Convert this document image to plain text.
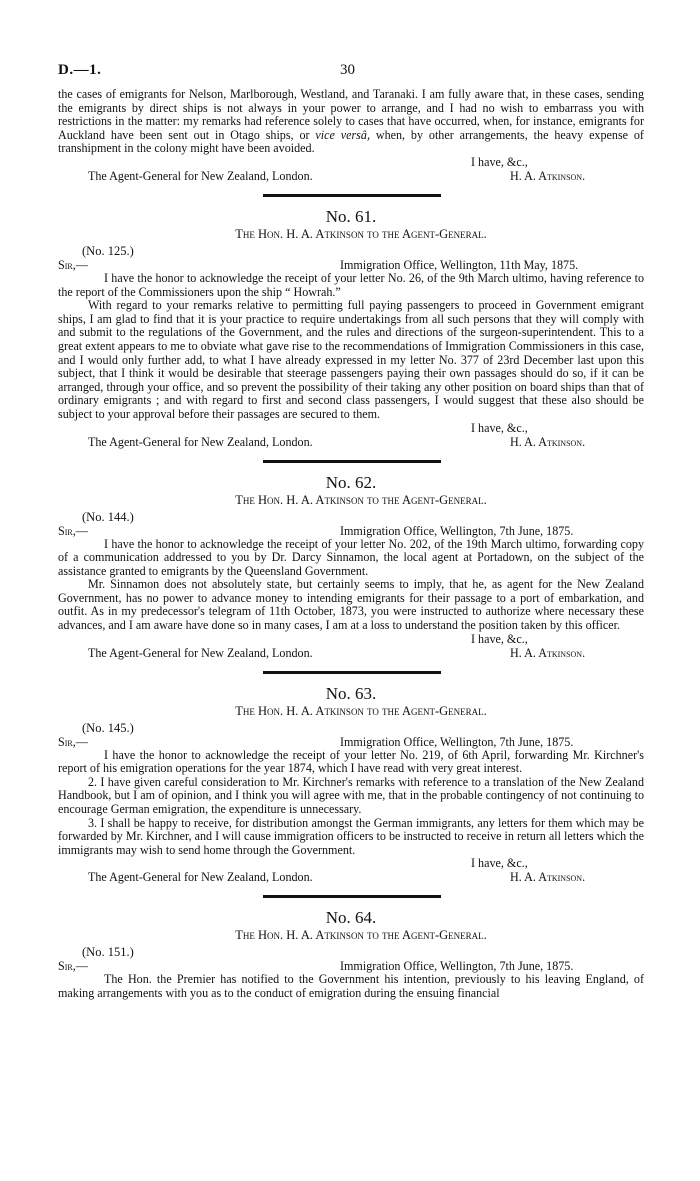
D.—1.	30

the cases of emigrants for Nelson, Marlborough, Westland, and Taranaki. I am fully aware that, in these cases, sending the emigrants by direct ships is not always in your power to arrange, and I had no wish to embarrass you with restrictions in the matter: my remarks had reference solely to cases that have occurred, when, for instance, emigrants for Auckland have been sent out in Otago ships, or vice versâ, when, by other arrangements, the heavy expense of transhipment in the colony might have been avoided.

I have, &c.,
The Agent-General for New Zealand, London.	H. A. Atkinson.
No. 61.
The Hon. H. A. Atkinson to the Agent-General.
(No. 125.)
Sir,—	Immigration Office, Wellington, 11th May, 1875.

I have the honor to acknowledge the receipt of your letter No. 26, of the 9th March ultimo, having reference to the report of the Commissioners upon the ship “ Howrah.”

With regard to your remarks relative to permitting full paying passengers to proceed in Government emigrant ships, I am glad to find that it is your practice to require undertakings from all such persons that they will comply with and submit to the regulations of the Government, and the rules and directions of the surgeon-superintendent. This to a great extent appears to me to obviate what gave rise to the recommendations of Immigration Commissioners in this case, and I would only further add, to what I have already expressed in my letter No. 377 of 23rd December last upon this subject, that I think it would be desirable that steerage passengers paying their own passages should do so, if it can be arranged, through your office, and so prevent the possibility of their taking any other position on board ships than that of ordinary emigrants ; and with regard to first and second class passengers, I would suggest that these also should be subject to your approval before their passages are secured to them.

I have, &c.,
The Agent-General for New Zealand, London.	H. A. Atkinson.
No. 62.
The Hon. H. A. Atkinson to the Agent-General.
(No. 144.)
Sir,—	Immigration Office, Wellington, 7th June, 1875.

I have the honor to acknowledge the receipt of your letter No. 202, of the 19th March ultimo, forwarding copy of a communication addressed to you by Dr. Darcy Sinnamon, the local agent at Portadown, on the subject of the assistance granted to emigrants by the Queensland Government.

Mr. Sinnamon does not absolutely state, but certainly seems to imply, that he, as agent for the New Zealand Government, has no power to advance money to intending emigrants for their passage to a port of embarkation, and outfit. As in my predecessor's telegram of 11th October, 1873, you were instructed to authorize where necessary these advances, and I am aware have done so in many cases, I am at a loss to understand the position taken by this officer.

I have, &c.,
The Agent-General for New Zealand, London.	H. A. Atkinson.
No. 63.
The Hon. H. A. Atkinson to the Agent-General.
(No. 145.)
Sir,—	Immigration Office, Wellington, 7th June, 1875.

I have the honor to acknowledge the receipt of your letter No. 219, of 6th April, forwarding Mr. Kirchner's report of his emigration operations for the year 1874, which I have read with very great interest.

2. I have given careful consideration to Mr. Kirchner's remarks with reference to a translation of the New Zealand Handbook, but I am of opinion, and I think you will agree with me, that in the probable contingency of not continuing to encourage German emigration, the expenditure is unnecessary.

3. I shall be happy to receive, for distribution amongst the German immigrants, any letters for them which may be forwarded by Mr. Kirchner, and I will cause immigration officers to be instructed to receive in return all letters which the immigrants may wish to send home through the Government.

I have, &c.,
The Agent-General for New Zealand, London.	H. A. Atkinson.
No. 64.
The Hon. H. A. Atkinson to the Agent-General.
(No. 151.)
Sir,—	Immigration Office, Wellington, 7th June, 1875.

The Hon. the Premier has notified to the Government his intention, previously to his leaving England, of making arrangements with you as to the conduct of emigration during the ensuing financial
